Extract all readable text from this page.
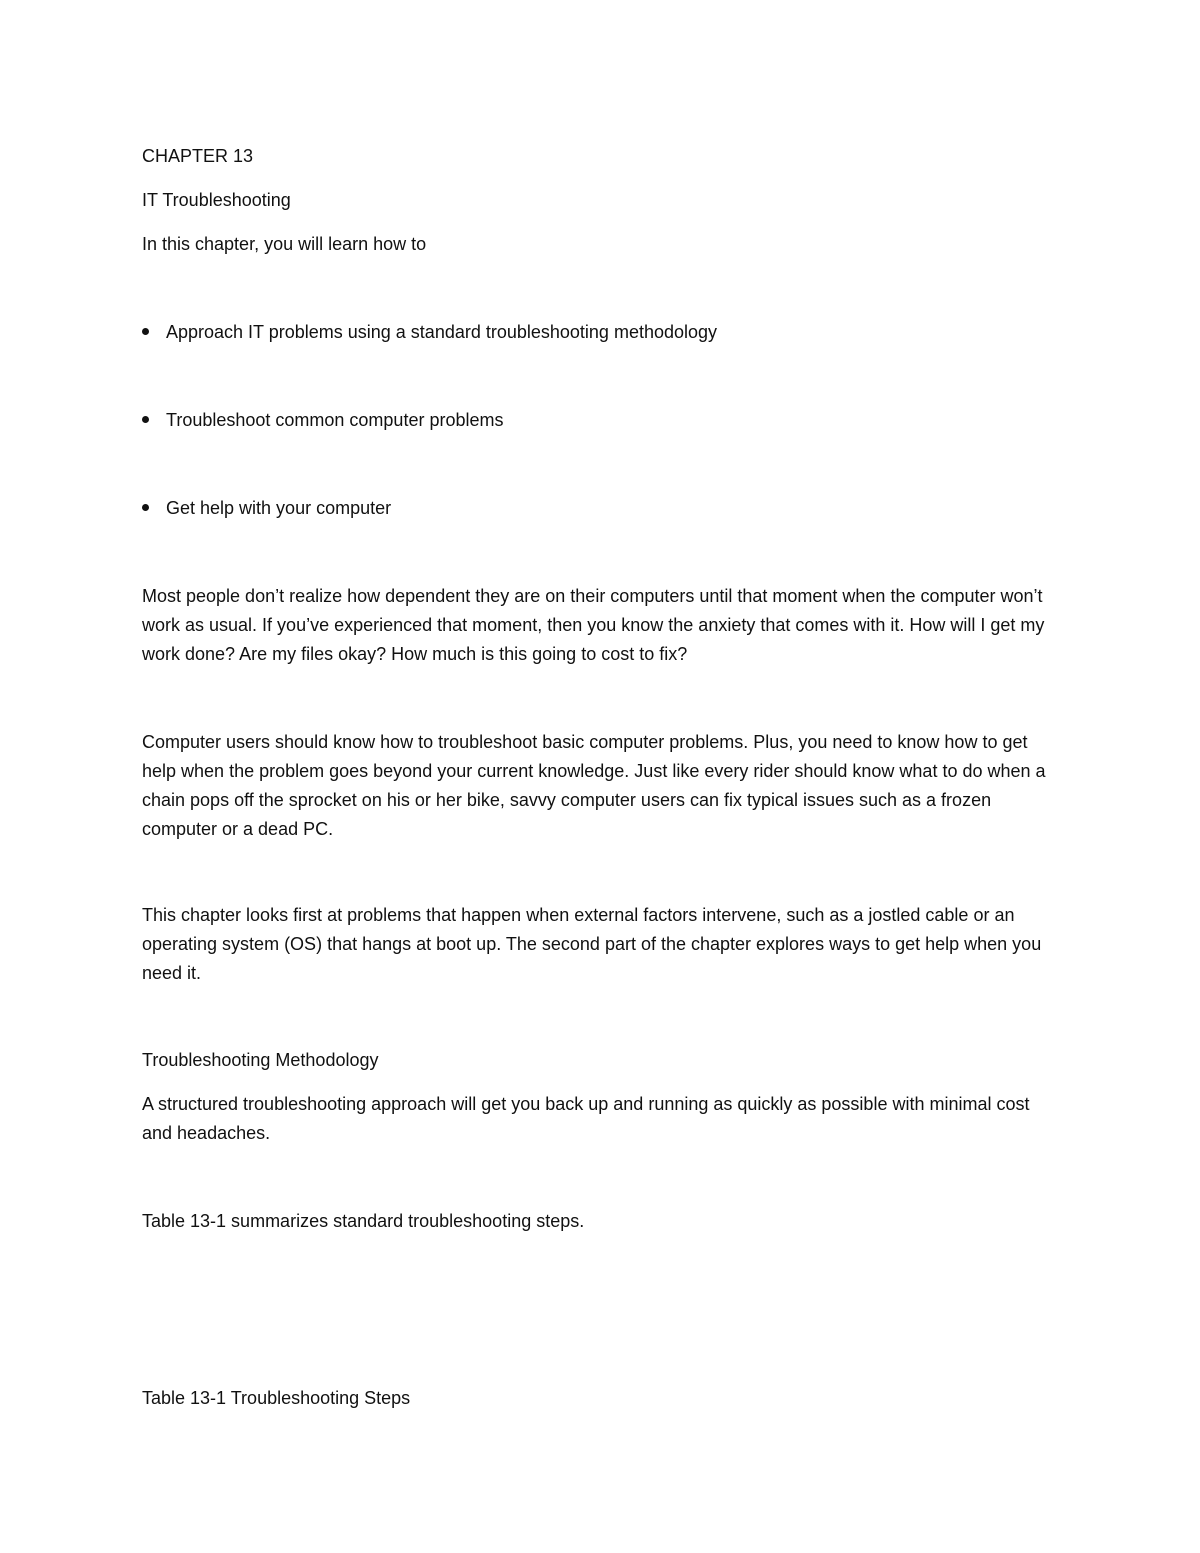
CHAPTER 13

IT Troubleshooting

In this chapter, you will learn how to

Approach IT problems using a standard troubleshooting methodology

Troubleshoot common computer problems

Get help with your computer

Most people don’t realize how dependent they are on their computers until that moment when the computer won’t work as usual. If you’ve experienced that moment, then you know the anxiety that comes with it. How will I get my work done? Are my files okay? How much is this going to cost to fix?

Computer users should know how to troubleshoot basic computer problems. Plus, you need to know how to get help when the problem goes beyond your current knowledge. Just like every rider should know what to do when a chain pops off the sprocket on his or her bike, savvy computer users can fix typical issues such as a frozen computer or a dead PC.

This chapter looks first at problems that happen when external factors intervene, such as a jostled cable or an operating system (OS) that hangs at boot up. The second part of the chapter explores ways to get help when you need it.

Troubleshooting Methodology

A structured troubleshooting approach will get you back up and running as quickly as possible with minimal cost and headaches.

Table 13-1 summarizes standard troubleshooting steps.

Table 13-1 Troubleshooting Steps
